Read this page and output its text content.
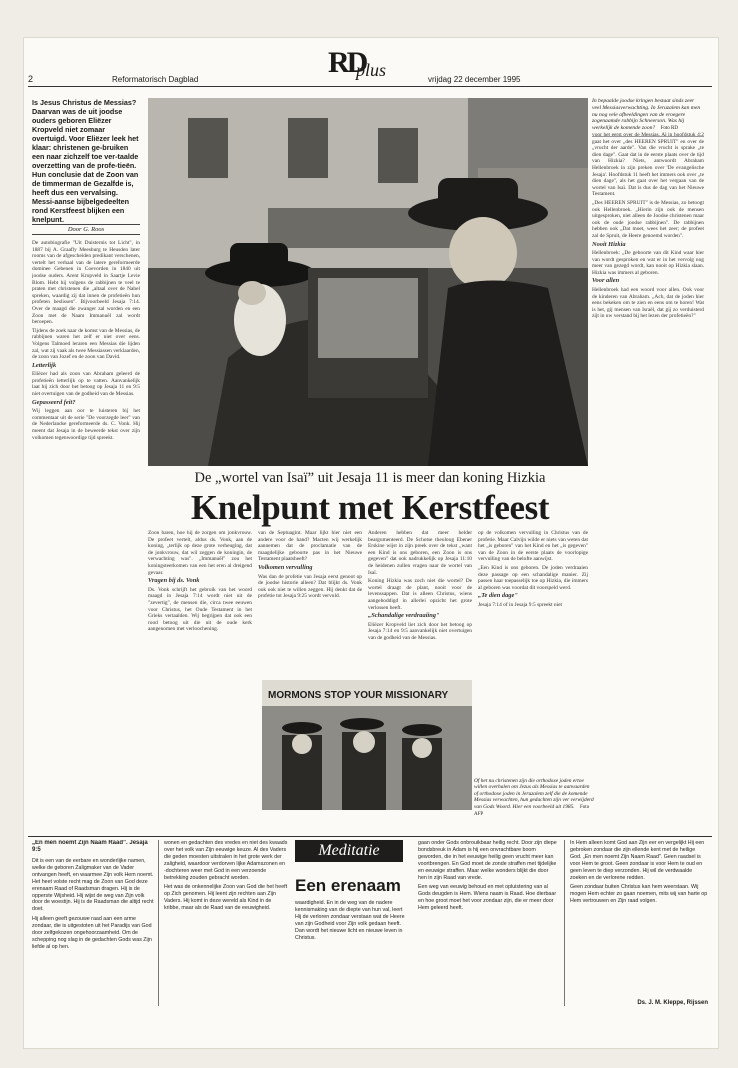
RD
plus
2	Reformatorisch Dagblad	vrijdag 22 december 1995
Is Jesus Christus de Messias? Daarvan was de uit joodse ouders geboren Eliëzer Kropveld niet zomaar overtuigd. Voor Eliëzer leek het klaar: christenen ge-bruiken een naar zichzelf toe ver-taalde overzetting van de profe-tieën. Hun conclusie dat de Zoon van de timmerman de Gezalfde is, heeft dus een vervalsing. Messi-aanse bijbelgedeelten rond Kerstfeest blijken een knelpunt.
Door G. Roos

De autobiografie "Uit Duisternis tot Licht", in 1887 bij A. Graafly Meesburg te Heusden later rooms van de afgescheiden predikant verschenen, vertelt het verhaal van de latere gereformeerde dominee Gebenen in Coevorden in 1840 uit joodse ouders. Arent Kropveld in Saartje Levie Blom. Hebt hij volgens de rabbijnen te veel te praten met christenen die „altaal over de Nabel spreken, waardig zij dat innen de profetieën hun profeten beslissen". Bijvoorbeeld Jesaja 7:14. Over de maagd die zwanger zal worden en een Zoon met de Naam Immanuël zal wordt beroepen.

Tijdens de zoek naar de komst van de Messias, de rabbijnen waren het zelf er niet over eens. Volgens Talmoed leraren een Messias die lijden zal, wat zij vaak als twee Messiassen verklaarden, de zoon van Jozef en de zoon van David.

Letterlijk

Eliëzer had als zoon van Abraham geleerd de profetieën letterlijk op te vatten. Aanvankelijk laat hij zich door het betoog op Jesaja 11 en 9:5 niet overtuigen van de godheid van de Messias.

Gepasseerd feit?

Wij leggen aan oor te luisteren bij het commentaar uit de serie "De voorzegde leer" van de Nederlandse gereformeerde ds. C. Vonk. Hij meent dat Jesaja in de beweerde tekst over zijn volkomen tegenwoordige tijd spreekt.

In bepaalde joodse kringen bestaat sinds zeer veel Messiasverwachting. In Jeruzalem kan men nu nog vele afbeeldingen van de vroegere zogenaamde rabbijn Schneerson. Was hij werkelijk de komende zoon? Foto RD

voor het eerst over de Messias. Al in hoofdstuk 4:2 gaat het over „des HEEREN SPRUIT" en over de „vrucht der aarde". Van die vrucht is sprake „te dien dage". Gaat dat in de eerste plaats over de tijd van Hizkia? Niets, antwoordt Abraham Hellenbroek in zijn preken over 'De evangelische Jesaja'. Hoofdstuk 11 heeft het immers ook over „te dien dage", als het gaat over het vergaan van de wortel van Isaï. Dat is dus de dag van het Nieuwe Testament.

„Des HEEREN SPRUIT" is de Messias, zo betoogt ook Hellenbroek. „Hierin zijn ook de mensen uitgesproken, niet alleen de Joodse christenen maar ook de oude joodse rabbijnen". De rabbijnen hebben ook „Dat moet, wees het zeer; de profeet zal de Spruit, de Heere genoemd worden".

Nooit Hizkia

Hellenbroek: „De geboorte van dit Kind waar hier van wordt gesproken en wat er in het vervolg nog meer van gezegd wordt, kan nooit op Hizkia slaan. Hizkia was immers al geboren.

Voor allen

Hellenbroek had een woord voor allen. Ook voor de kinderen van Abraham. „Ach, dat de joden hier eens bekeken om te zien en eens om te horen! Wat is het, gij mensen van Israël, dat gij zo verduisterd zijt in uw verstand bij het lezen der profetieën?"

De „wortel van Isaï” uit Jesaja 11 is meer dan koning Hizkia
Knelpunt met Kerstfeest

Zoon baren, hoe hij de zorgen om jonkvrouw. De profeet vertelt, aldus ds. Vonk, aan de koning, „terlijk op deze grote verheuging, dat de jonkvrouw, dat wil zeggen de koningin, de verwachting was". „Immanuël" zou het koningsteerkomen van een het eren al dreigend gevaar.

Vragen bij ds. Vonk

Ds. Vonk schrijft het gebruik van het woord maagd in Jesaja 7:14 wordt niet uit de "zevertig", de mensen die, circa twee eeuwen voor Christus, het Oude Testament in het Grieks vertaalden. Wij begrijpen dat ook een rood betoog uit die uit de oude kerk aangenomen met verloochening.

van de Septuagint. Maar lijkt hier niet een andere voor de hand? Macten wij werkelijk aannemen dat de proclamatie van de maagdelijke geboorte pas in het Nieuwe Testament plaatsheeft?

Volkomen vervulling

Was dan de profetie van Jesaja eerst genoot op de joodse historie alleen? Dat blijkt ds. Vonk ook ook niet te willen zeggen. Hij denkt dat de profetie tot Jesaja 9:25 wordt vervuld.

Anderen hebben dat meer helder beargumenteerd. De Schotse theoloog Ebener Erskine wijst in zijn preek over de tekst „want een Kind is ons geboren, een Zoon is ons gegeven" dat ook nadrukkelijk op Jesaja 11:10 de heidenen zullen vragen naar de wortel van Isaï.

Koning Hizkia was zoch niet die wortel? De wortel draagt de plant, nooit voor de levenssappen. Dat is alleen Christus, wiens aangeboddigd in allerlei opzicht het grote verlossen heeft.

„Schandalige verdraaiing"

Eliëzer Kropveld liet zich door het betoog op Jesaja 7:14 en 9:5 aanvankelijk niet overtuigen van de godheid van de Messias.

op de volkomen vervulling in Christus van de profetie. Maar Calvijn wilde er niets van weten dat het „is geboren" van het Kind en het „is gegeven" van de Zoon in de eerste plaats de voorlopige vervulling van de belofte aanwijst.

„Een Kind is ons geboren. De joden verdraaien deze passage op een schandalige manier. Zij passen haar toepasselijk toe op Hizkia, die immers al geboren was voordat dit voorspeld werd.

„Te dien dage"

Jesaja 7:14 of in Jesaja 9:5 spreekt niet

MORMONS STOP YOUR MISSIONARY
Of het nu christenen zijn die orthodoxe joden ertoe willen overhalen om Jezus als Messias te aanvaarden of orthodoxe joden in Jeruzalem zelf die de komende Messias verwachten, hun gedachten zijn ver verwijderd van Gods Woord. Hier een voorbeeld uit 1985. Foto AFP
„En men noemt Zijn Naam Raad”. Jesaja 9:5

Dit is een van de eerbare en wonderlijke namen, welke de geboren Zaligmaker van de Vader ontvangen heeft, en waarmee Zijn volk Hem noemt. Het heet volste recht mag de Zoon van God deze erenaam Raad of Raadsman dragen. Hij is de opperste Wijsheid. Hij wijst de weg van Zijn volk door de woestijn. Hij is de Raadsman die altijd recht doet.

Hij alleen geeft gezouwe raad aan een arme zondaar, die is uitgestoten uit het Paradijs van God door zelfgekozen ongehoorzaamheid. Om de schepping nog slag in de gedachten Gods was Zijn liefde al op hen.

wonen en gedachten des vredes en niet des kwaads over het volk van Zijn eeuwige keuze. Al des Vaders die geden moesten uitstralen in het grote werk der zaligheid, waardoor verdorven lijke Adamszonen en -dochteren weer met God in een verzoende betrekking zouden gebracht worden.

Het was de onkennelijke Zoon van God die het heeft op Zich genomen. Hij leent zijn rechten aan Zijn Vaders. Hij komt in deze wereld als Kind in de kribbe, maar als de Raad van de eeuwigheid.

Meditatie
Een erenaam

waardigheid. En in de weg van de nadere kennismaking van de diepte van hun val, leert Hij de verloren zondaar verstaan wat de Heere van zijn Godheid voor Zijn volk gedaan heeft. Dan wordt het nieuwe licht en nieuwe leven in Christus.

gaan onder Gods onbrouikbaar heilig recht. Door zijn diepe bondsbreuk in Adam is hij een onvrachtbare boom geworden, die in het eeuwige heilig geen vrucht meer kan voortbrengen. En God moet de zonde straffen met tijdelijke en eeuwige straffen. Maar welke wonders blijkt die door hen in zijn Raad van vrede.

Een weg van eeuwig behoud en met opluistering van al Gods deugden is Hem. Wiens naam is Raad. Hoe dierbaar en hoe groot moet het voor zondaar zijn, die er meer door Hem geleerd heeft.

In Hem alleen komt God aan Zijn eer en vergelijkt Hij een gebroken zondaar die zijn ellende kent met de heilige God. „En men noemt Zijn Naam Raad". Geen raadsel is voor Hem te groot. Geen zondaar is voor Hem te oud en geen leven te diep verzonden. Hij wil de verdwaalde zoeken en de verlorene redden.

Geen zondaar buiten Christus kan hem weerstaan. Wij mogen Hem echter zo gaan noemen, mits wij van harte op Hem vertrouwen en Zijn raad volgen.

Ds. J. M. Kleppe, Rijssen
